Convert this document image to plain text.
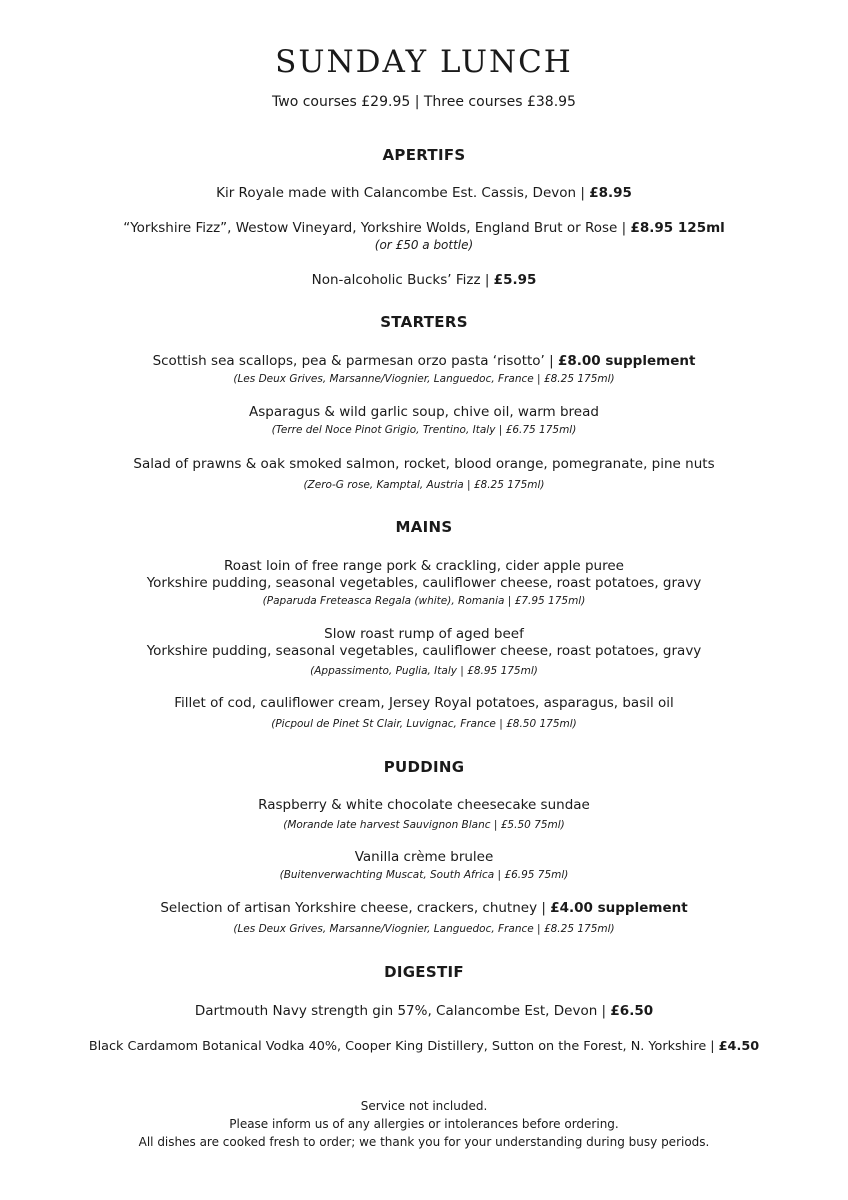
SUNDAY LUNCH
Two courses £29.95 | Three courses £38.95
APERTIFS
Kir Royale made with Calancombe Est. Cassis, Devon | £8.95
“Yorkshire Fizz”, Westow Vineyard, Yorkshire Wolds, England Brut or Rose | £8.95 125ml
(or £50 a bottle)
Non-alcoholic Bucks’ Fizz | £5.95
STARTERS
Scottish sea scallops, pea & parmesan orzo pasta ‘risotto’ | £8.00 supplement
(Les Deux Grives, Marsanne/Viognier, Languedoc, France | £8.25 175ml)
Asparagus & wild garlic soup, chive oil, warm bread
(Terre del Noce Pinot Grigio, Trentino, Italy | £6.75 175ml)
Salad of prawns & oak smoked salmon, rocket, blood orange, pomegranate, pine nuts
(Zero-G rose, Kamptal, Austria | £8.25 175ml)
MAINS
Roast loin of free range pork & crackling, cider apple puree
Yorkshire pudding, seasonal vegetables, cauliflower cheese, roast potatoes, gravy
(Paparuda Freteasca Regala (white), Romania | £7.95 175ml)
Slow roast rump of aged beef
Yorkshire pudding, seasonal vegetables, cauliflower cheese, roast potatoes, gravy
(Appassimento, Puglia, Italy | £8.95 175ml)
Fillet of cod, cauliflower cream, Jersey Royal potatoes, asparagus, basil oil
(Picpoul de Pinet St Clair, Luvignac, France | £8.50 175ml)
PUDDING
Raspberry & white chocolate cheesecake sundae
(Morande late harvest Sauvignon Blanc | £5.50 75ml)
Vanilla crème brulee
(Buitenverwachting Muscat, South Africa | £6.95 75ml)
Selection of artisan Yorkshire cheese, crackers, chutney | £4.00 supplement
(Les Deux Grives, Marsanne/Viognier, Languedoc, France | £8.25 175ml)
DIGESTIF
Dartmouth Navy strength gin 57%, Calancombe Est, Devon | £6.50
Black Cardamom Botanical Vodka 40%, Cooper King Distillery, Sutton on the Forest, N. Yorkshire | £4.50
Service not included.
Please inform us of any allergies or intolerances before ordering.
All dishes are cooked fresh to order; we thank you for your understanding during busy periods.
